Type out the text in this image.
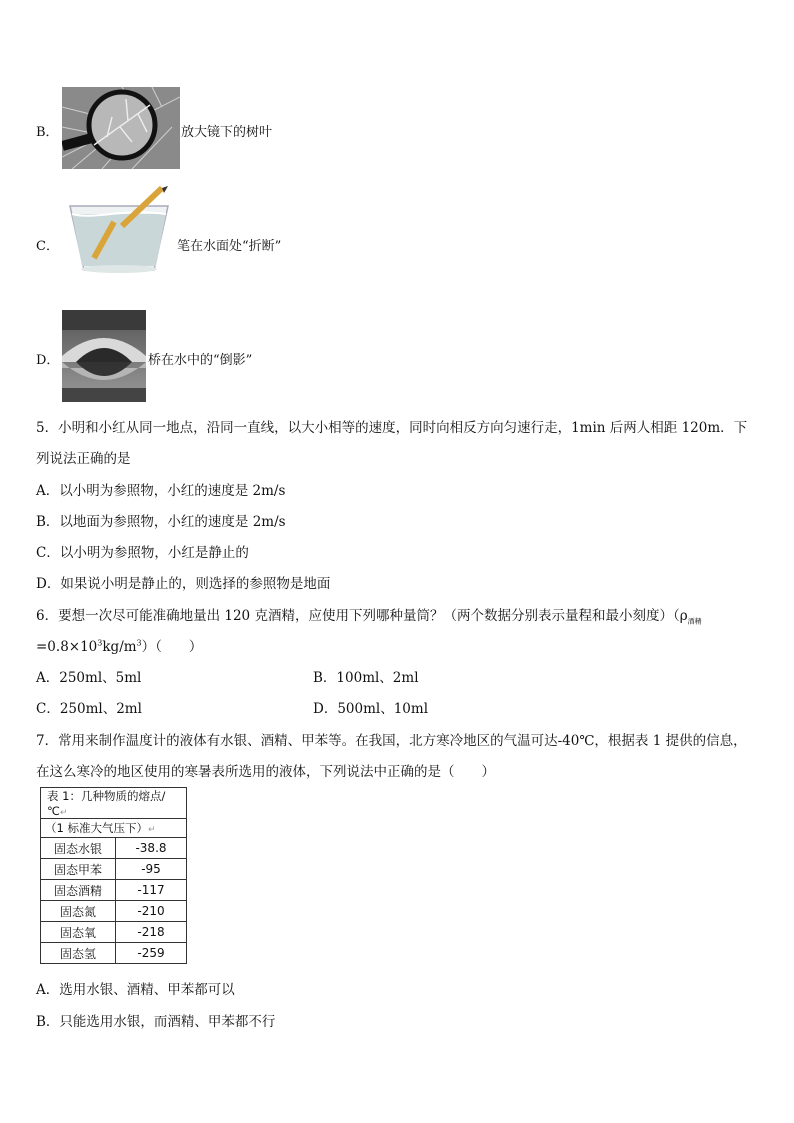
B．	放大镜下的树叶
C．	笔在水面处“折断”
D．	桥在水中的“倒影”
5．小明和小红从同一地点，沿同一直线，以大小相等的速度，同时向相反方向匀速行走，1min 后两人相距 120m．下
列说法正确的是
A．以小明为参照物，小红的速度是 2m/s
B．以地面为参照物，小红的速度是 2m/s
C．以小明为参照物，小红是静止的
D．如果说小明是静止的，则选择的参照物是地面
6．要想一次尽可能准确地量出 120 克酒精，应使用下列哪种量筒？（两个数据分别表示量程和最小刻度）（$\rho_{酒精}$
$=0.8\times 10^3kg/m^3$）（　　）
A．250ml、5ml	B．100ml、2ml
C．250ml、2ml	D．500ml、10ml
7．常用来制作温度计的液体有水银、酒精、甲苯等。在我国，北方寒冷地区的气温可达-40℃，根据表 1 提供的信息，
在这么寒冷的地区使用的寒暑表所选用的液体，下列说法中正确的是（　　）
表 1：几种物质的熔点/℃↵	
（1 标准大气压下）↵	
固态水银	-38.8
固态甲苯	-95
固态酒精	-117
固态氮	-210
固态氧	-218
固态氢	-259
A．选用水银、酒精、甲苯都可以
B．只能选用水银，而酒精、甲苯都不行
